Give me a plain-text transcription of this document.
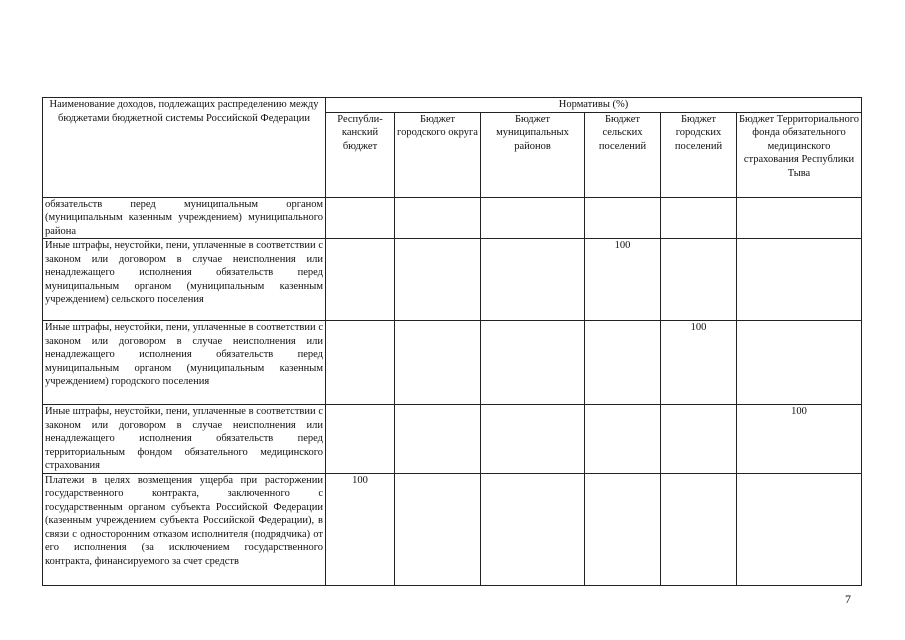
Наименование доходов, подлежащих распределению между бюджетами бюджетной системы Российской Федерации	Нормативы (%)					
	Республи-канский бюджет	Бюджет городского округа	Бюджет муниципальных районов	Бюджет сельских поселений	Бюджет городских поселений	Бюджет Территориального фонда обязательного медицинского страхования Республики Тыва
обязательств перед муниципальным органом (муниципальным казенным учреждением) муниципального района						
Иные штрафы, неустойки, пени, уплаченные в соответствии с законом или договором в случае неисполнения или ненадлежащего исполнения обязательств перед муниципальным органом (муниципальным казенным учреждением) сельского поселения				100		
Иные штрафы, неустойки, пени, уплаченные в соответствии с законом или договором в случае неисполнения или ненадлежащего исполнения обязательств перед муниципальным органом (муниципальным казенным учреждением) городского поселения					100	
Иные штрафы, неустойки, пени, уплаченные в соответствии с законом или договором в случае неисполнения или ненадлежащего исполнения обязательств перед территориальным фондом обязательного медицинского страхования						100
Платежи в целях возмещения ущерба при расторжении государственного контракта, заключенного с государственным органом субъекта Российской Федерации (казенным учреждением субъекта Российской Федерации), в связи с односторонним отказом исполнителя (подрядчика) от его исполнения (за исключением государственного контракта, финансируемого за счет средств	100					
7
